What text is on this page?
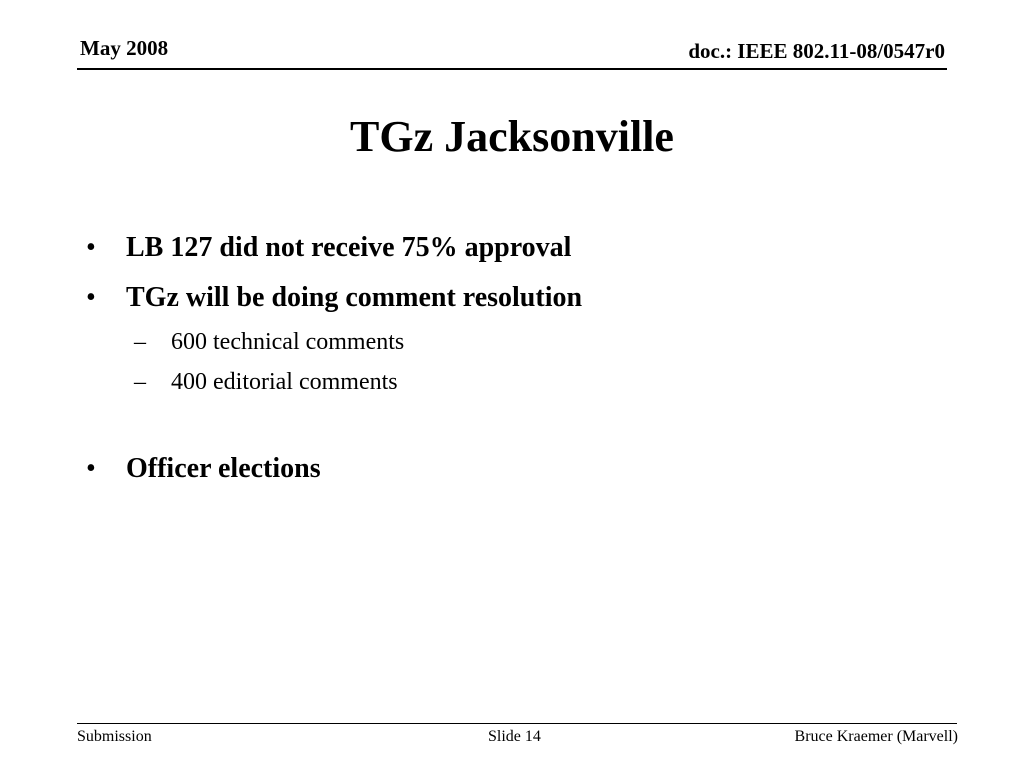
May 2008	doc.: IEEE 802.11-08/0547r0
TGz Jacksonville
• LB 127 did not receive 75% approval
• TGz will be doing comment resolution
– 600 technical comments
– 400 editorial comments
• Officer elections
Submission	Slide 14	Bruce Kraemer (Marvell)
